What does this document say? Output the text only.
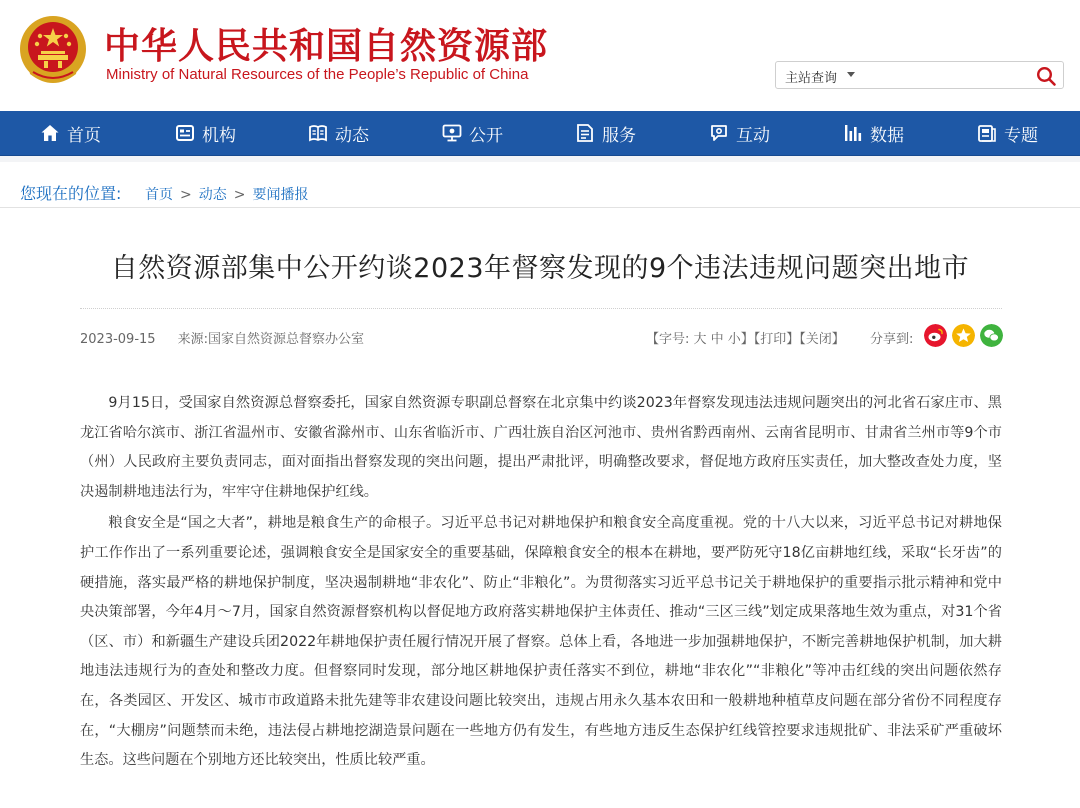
中华人民共和国自然资源部
Ministry of Natural Resources of the People’s Republic of China	主站查询
首页	机构	动态	公开	服务	互动	数据	专题
您现在的位置: 首页 > 动态 > 要闻播报
自然资源部集中公开约谈2023年督察发现的9个违法违规问题突出地市
2023-09-15 来源:国家自然资源总督察办公室	【字号: 大 中 小】【打印】【关闭】 分享到:

9月15日，受国家自然资源总督察委托，国家自然资源专职副总督察在北京集中约谈2023年督察发现违法违规问题突出的河北省石家庄市、黑龙江省哈尔滨市、浙江省温州市、安徽省滁州市、山东省临沂市、广西壮族自治区河池市、贵州省黔西南州、云南省昆明市、甘肃省兰州市等9个市（州）人民政府主要负责同志，面对面指出督察发现的突出问题，提出严肃批评，明确整改要求，督促地方政府压实责任，加大整改查处力度，坚决遏制耕地违法行为，牢牢守住耕地保护红线。

粮食安全是“国之大者”，耕地是粮食生产的命根子。习近平总书记对耕地保护和粮食安全高度重视。党的十八大以来，习近平总书记对耕地保护工作作出了一系列重要论述，强调粮食安全是国家安全的重要基础，保障粮食安全的根本在耕地，要严防死守18亿亩耕地红线，采取“长牙齿”的硬措施，落实最严格的耕地保护制度，坚决遏制耕地“非农化”、防止“非粮化”。为贯彻落实习近平总书记关于耕地保护的重要指示批示精神和党中央决策部署，今年4月～7月，国家自然资源督察机构以督促地方政府落实耕地保护主体责任、推动“三区三线”划定成果落地生效为重点，对31个省（区、市）和新疆生产建设兵团2022年耕地保护责任履行情况开展了督察。总体上看，各地进一步加强耕地保护，不断完善耕地保护机制，加大耕地违法违规行为的查处和整改力度。但督察同时发现，部分地区耕地保护责任落实不到位，耕地“非农化”“非粮化”等冲击红线的突出问题依然存在，各类园区、开发区、城市市政道路未批先建等非农建设问题比较突出，违规占用永久基本农田和一般耕地种植草皮问题在部分省份不同程度存在，“大棚房”问题禁而未绝，违法侵占耕地挖湖造景问题在一些地方仍有发生，有些地方违反生态保护红线管控要求违规批矿、非法采矿严重破坏生态。这些问题在个别地方还比较突出，性质比较严重。
